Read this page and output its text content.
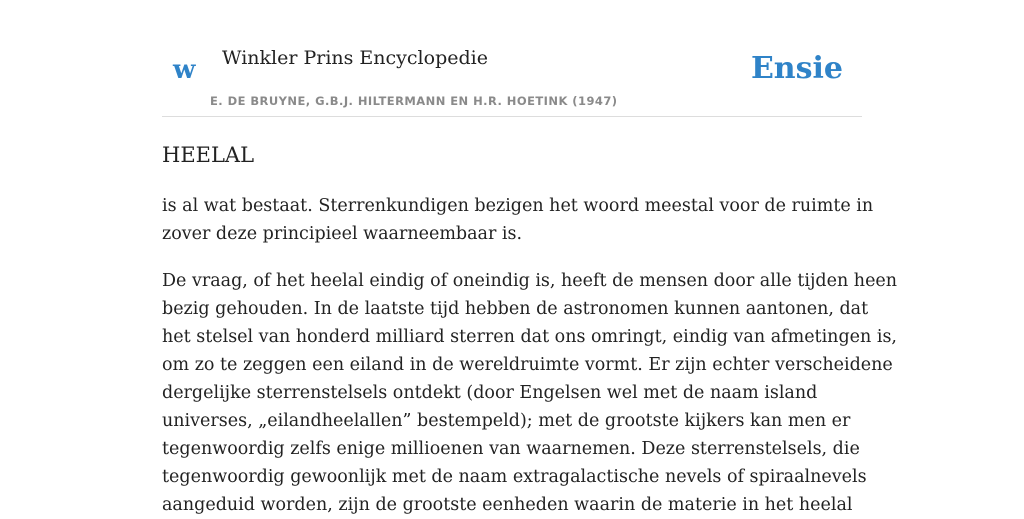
w Winkler Prins Encyclopedie
E. DE BRUYNE, G.B.J. HILTERMANN EN H.R. HOETINK (1947)
Ensie
HEELAL

is al wat bestaat. Sterrenkundigen bezigen het woord meestal voor de ruimte in
zover deze principieel waarneembaar is.

De vraag, of het heelal eindig of oneindig is, heeft de mensen door alle tijden heen
bezig gehouden. In de laatste tijd hebben de astronomen kunnen aantonen, dat
het stelsel van honderd milliard sterren dat ons omringt, eindig van afmetingen is,
om zo te zeggen een eiland in de wereldruimte vormt. Er zijn echter verscheidene
dergelijke sterrenstelsels ontdekt (door Engelsen wel met de naam island
universes, „eilandheelallen” bestempeld); met de grootste kijkers kan men er
tegenwoordig zelfs enige millioenen van waarnemen. Deze sterrenstelsels, die
tegenwoordig gewoonlijk met de naam extragalactische nevels of spiraalnevels
aangeduid worden, zijn de grootste eenheden waarin de materie in het heelal
